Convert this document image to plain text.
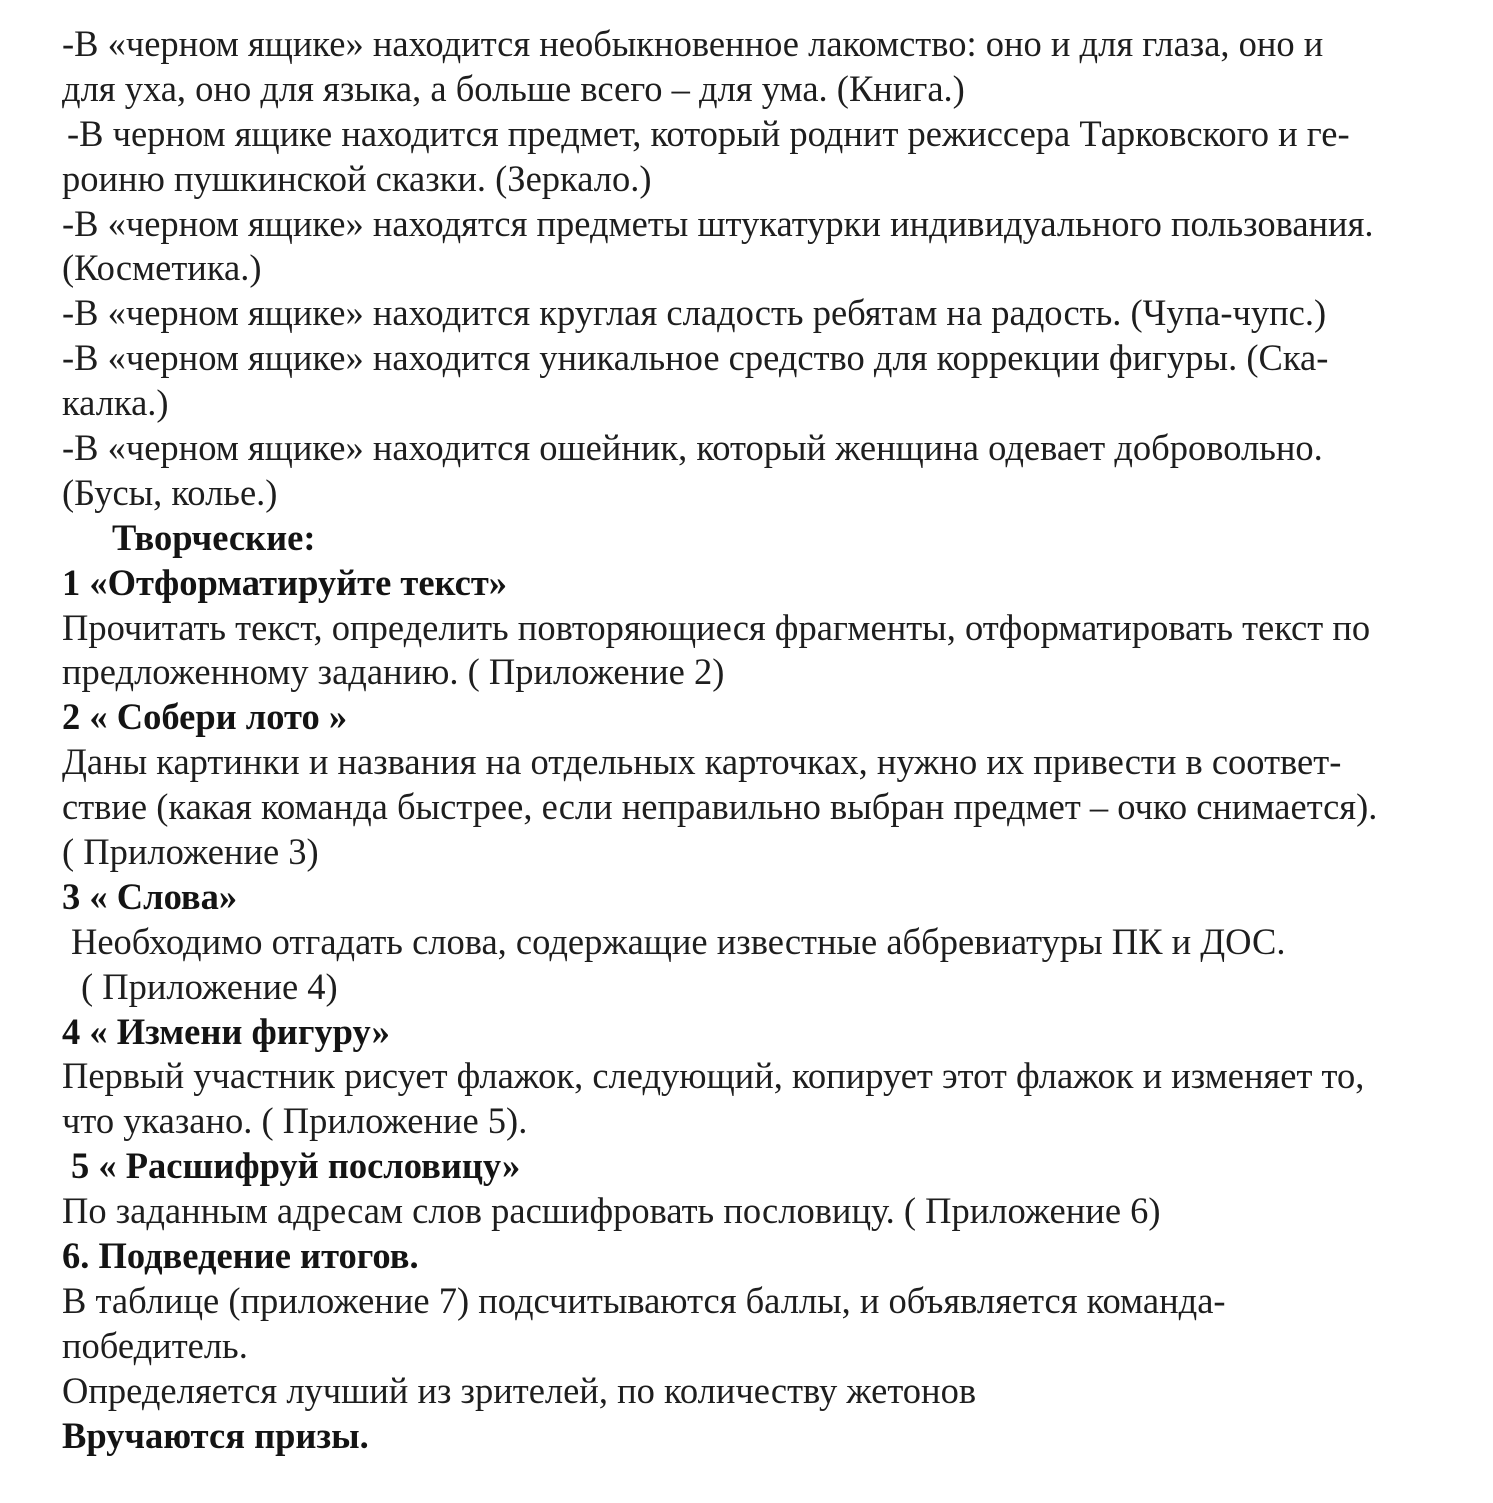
-В «черном ящике» находится необыкновенное лакомство: оно и для глаза, оно и
для уха, оно для языка, а больше всего – для ума. (Книга.)
-В черном ящике находится предмет, который роднит режиссера Тарковского и ге-
роиню пушкинской сказки. (Зеркало.)
-В «черном ящике» находятся предметы штукатурки индивидуального пользования.
(Косметика.)
-В «черном ящике» находится круглая сладость ребятам на радость. (Чупа-чупс.)
-В «черном ящике» находится уникальное средство для коррекции фигуры. (Ска-
калка.)
-В «черном ящике» находится ошейник, который женщина одевает добровольно.
(Бусы, колье.)
Творческие:
1 «Отформатируйте текст»
Прочитать текст, определить повторяющиеся фрагменты, отформатировать текст по
предложенному заданию. ( Приложение 2)
2 « Собери лото »
Даны картинки и названия на отдельных карточках, нужно их привести в соответ-
ствие (какая команда быстрее, если неправильно выбран предмет – очко снимается).
( Приложение 3)
3 « Слова»
Необходимо отгадать слова, содержащие известные аббревиатуры ПК и ДОС.
( Приложение 4)
4 « Измени фигуру»
Первый участник рисует флажок, следующий, копирует этот флажок и изменяет то,
что указано. ( Приложение 5).
5 « Расшифруй пословицу»
По заданным адресам слов расшифровать пословицу. ( Приложение 6)
6. Подведение итогов.
В таблице (приложение 7) подсчитываются баллы, и объявляется команда-
победитель.
Определяется лучший из зрителей, по количеству жетонов
Вручаются призы.
